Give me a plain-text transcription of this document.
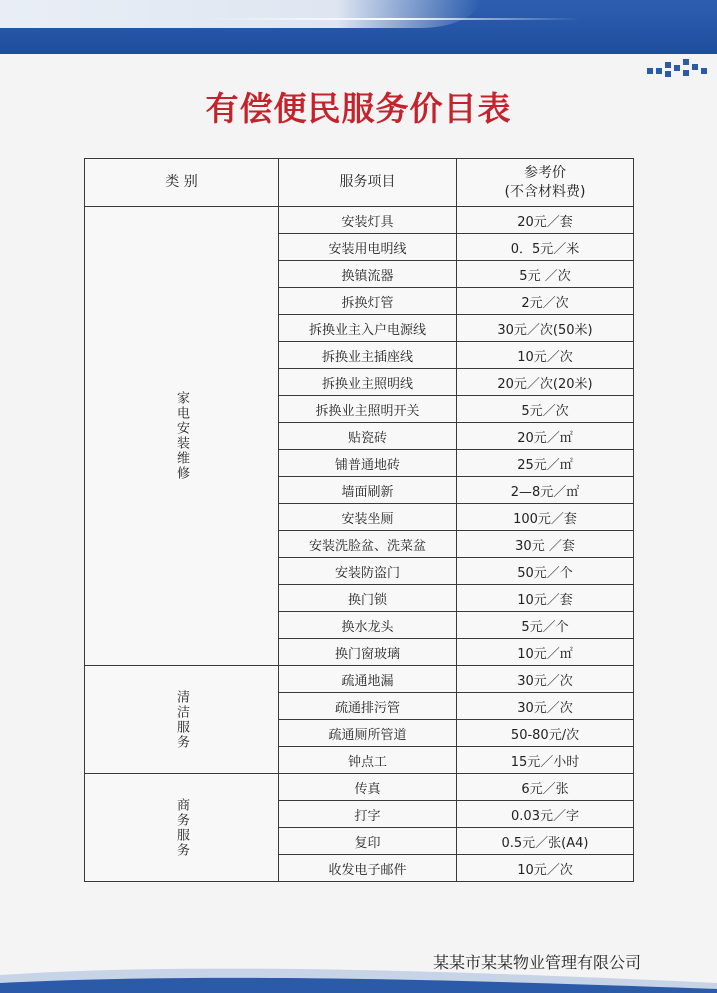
有偿便民服务价目表
类 别	服务项目	参考价
(不含材料费)

家电安装维修	安装灯具	20元／套
	安装用电明线	0．5元／米
	换镇流器	5元 ／次
	拆换灯管	2元／次
	拆换业主入户电源线	30元／次(50米)
	拆换业主插座线	10元／次
	拆换业主照明线	20元／次(20米)
	拆换业主照明开关	5元／次
	贴瓷砖	20元／㎡
	铺普通地砖	25元／㎡
	墙面刷新	2—8元／㎡
	安装坐厕	100元／套
	安装洗脸盆、洗菜盆	30元 ／套
	安装防盗门	50元／个
	换门锁	10元／套
	换水龙头	5元／个
	换门窗玻璃	10元／㎡
清洁服务	疏通地漏	30元／次
	疏通排污管	30元／次
	疏通厕所管道	50-80元/次
	钟点工	15元／小时
商务服务	传真	6元／张
	打字	0.03元／字
	复印	0.5元／张(A4)
	收发电子邮件	10元／次
某某市某某物业管理有限公司
